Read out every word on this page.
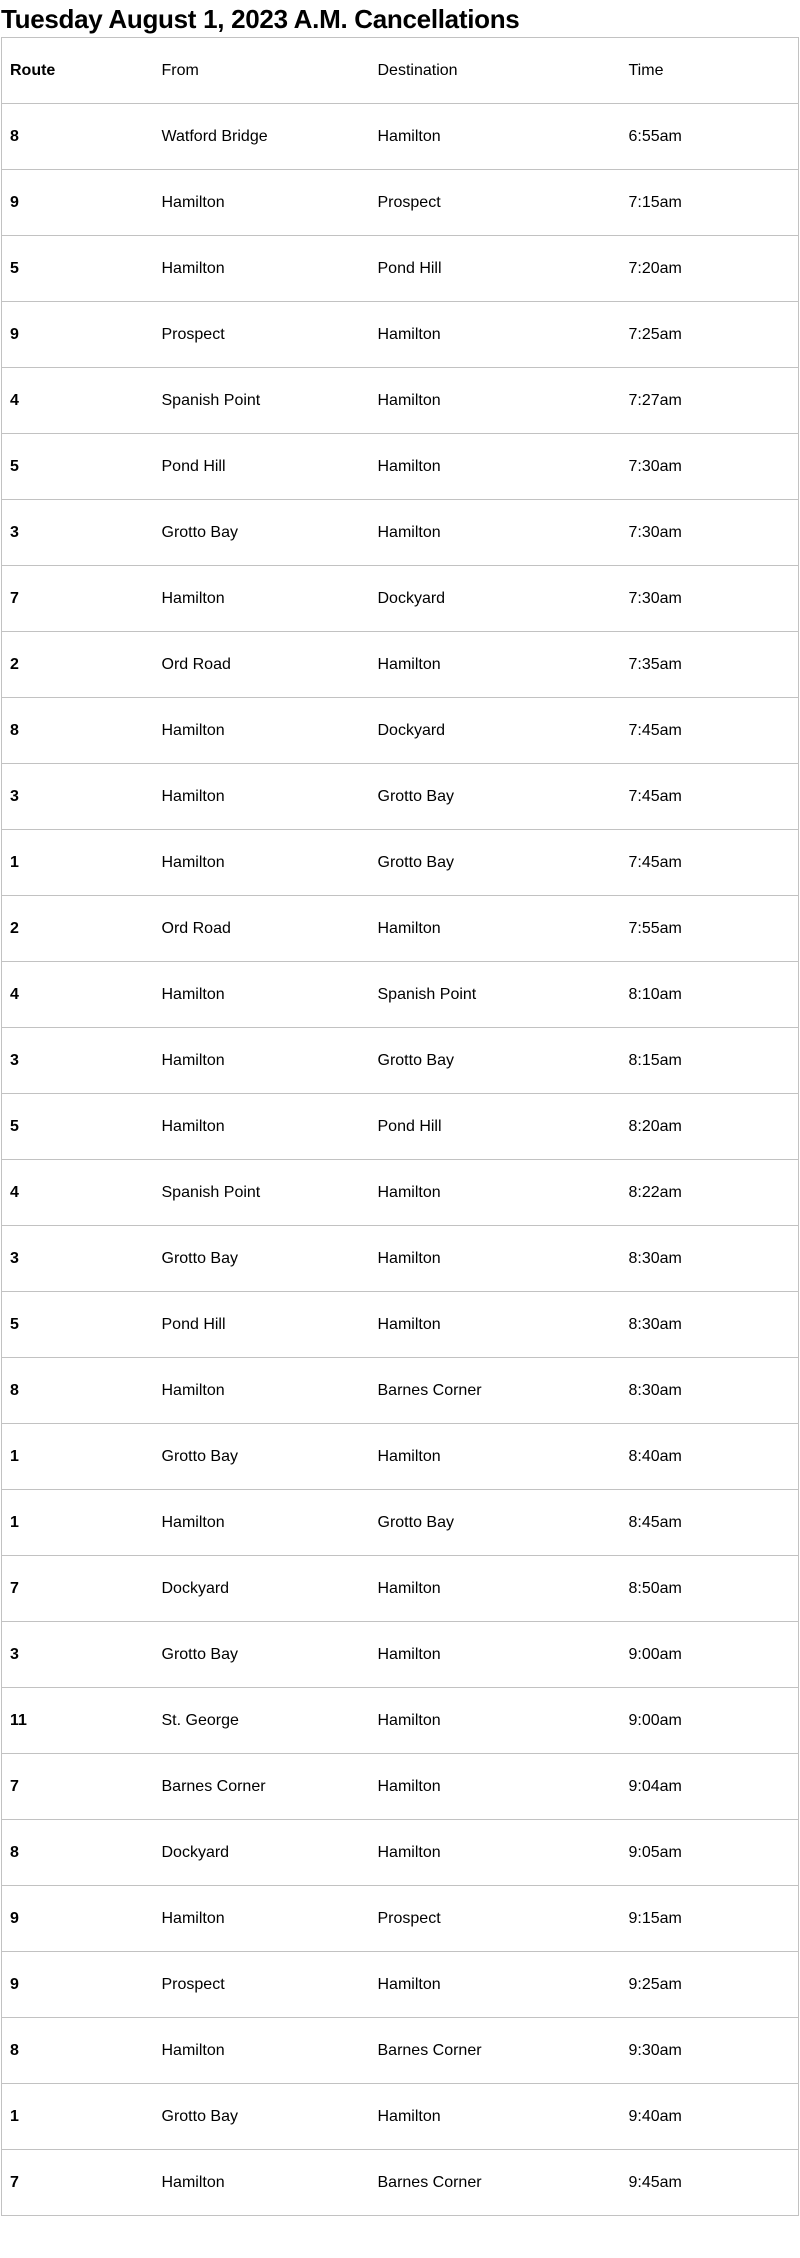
Tuesday August 1, 2023 A.M. Cancellations
Route	From	Destination	Time
8	Watford Bridge	Hamilton	6:55am
9	Hamilton	Prospect	7:15am
5	Hamilton	Pond Hill	7:20am
9	Prospect	Hamilton	7:25am
4	Spanish Point	Hamilton	7:27am
5	Pond Hill	Hamilton	7:30am
3	Grotto Bay	Hamilton	7:30am
7	Hamilton	Dockyard	7:30am
2	Ord Road	Hamilton	7:35am
8	Hamilton	Dockyard	7:45am
3	Hamilton	Grotto Bay	7:45am
1	Hamilton	Grotto Bay	7:45am
2	Ord Road	Hamilton	7:55am
4	Hamilton	Spanish Point	8:10am
3	Hamilton	Grotto Bay	8:15am
5	Hamilton	Pond Hill	8:20am
4	Spanish Point	Hamilton	8:22am
3	Grotto Bay	Hamilton	8:30am
5	Pond Hill	Hamilton	8:30am
8	Hamilton	Barnes Corner	8:30am
1	Grotto Bay	Hamilton	8:40am
1	Hamilton	Grotto Bay	8:45am
7	Dockyard	Hamilton	8:50am
3	Grotto Bay	Hamilton	9:00am
11	St. George	Hamilton	9:00am
7	Barnes Corner	Hamilton	9:04am
8	Dockyard	Hamilton	9:05am
9	Hamilton	Prospect	9:15am
9	Prospect	Hamilton	9:25am
8	Hamilton	Barnes Corner	9:30am
1	Grotto Bay	Hamilton	9:40am
7	Hamilton	Barnes Corner	9:45am
